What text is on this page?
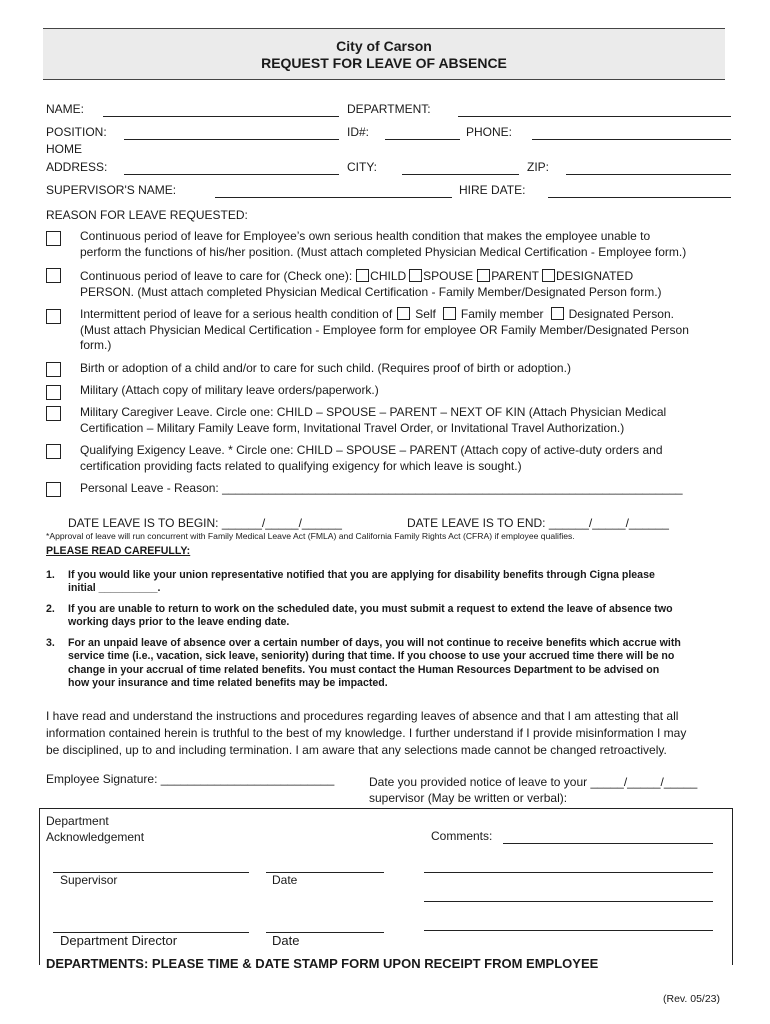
City of Carson
REQUEST FOR LEAVE OF ABSENCE
NAME:	DEPARTMENT:
POSITION:	ID#:	PHONE:
HOME
ADDRESS:	CITY:	ZIP:
SUPERVISOR'S NAME:	HIRE DATE:
REASON FOR LEAVE REQUESTED:
Continuous period of leave for Employee’s own serious health condition that makes the employee unable to
perform the functions of his/her position. (Must attach completed Physician Medical Certification - Employee form.)
Continuous period of leave to care for (Check one): CHILD SPOUSE PARENT DESIGNATED
PERSON. (Must attach completed Physician Medical Certification - Family Member/Designated Person form.)
Intermittent period of leave for a serious health condition of Self Family member Designated Person.
(Must attach Physician Medical Certification - Employee form for employee OR Family Member/Designated Person
form.)
Birth or adoption of a child and/or to care for such child. (Requires proof of birth or adoption.)
Military (Attach copy of military leave orders/paperwork.)
Military Caregiver Leave. Circle one: CHILD – SPOUSE – PARENT – NEXT OF KIN (Attach Physician Medical
Certification – Military Family Leave form, Invitational Travel Order, or Invitational Travel Authorization.)
Qualifying Exigency Leave. * Circle one: CHILD – SPOUSE – PARENT (Attach copy of active-duty orders and
certification providing facts related to qualifying exigency for which leave is sought.)
Personal Leave - Reason: _____________________________________________________________________
DATE LEAVE IS TO BEGIN: ______/_____/______	DATE LEAVE IS TO END: ______/_____/______
*Approval of leave will run concurrent with Family Medical Leave Act (FMLA) and California Family Rights Act (CFRA) if employee qualifies.
PLEASE READ CAREFULLY:
1. If you would like your union representative notified that you are applying for disability benefits through Cigna please
initial __________.
2. If you are unable to return to work on the scheduled date, you must submit a request to extend the leave of absence two
working days prior to the leave ending date.
3. For an unpaid leave of absence over a certain number of days, you will not continue to receive benefits which accrue with
service time (i.e., vacation, sick leave, seniority) during that time. If you choose to use your accrued time there will be no
change in your accrual of time related benefits. You must contact the Human Resources Department to be advised on
how your insurance and time related benefits may be impacted.
I have read and understand the instructions and procedures regarding leaves of absence and that I am attesting that all
information contained herein is truthful to the best of my knowledge. I further understand if I provide misinformation I may
be disciplined, up to and including termination. I am aware that any selections made cannot be changed retroactively.
Employee Signature: __________________________	Date you provided notice of leave to your _____/_____/_____
supervisor (May be written or verbal):
Department
Acknowledgement	Comments:
Supervisor	Date
Department Director	Date
DEPARTMENTS: PLEASE TIME & DATE STAMP FORM UPON RECEIPT FROM EMPLOYEE
(Rev. 05/23)
